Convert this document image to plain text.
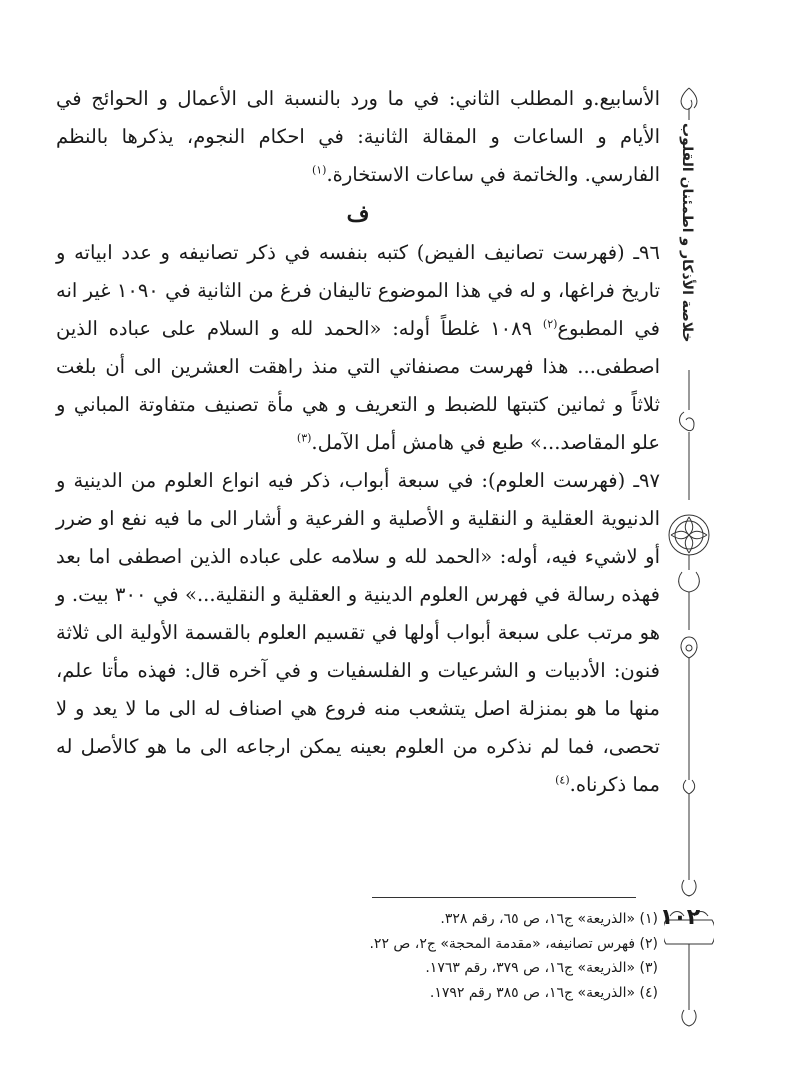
خلاصة الأذكار و اطمئنان القلوب
١٠٢

الأسابيع.و المطلب الثاني: في ما ورد بالنسبة الى الأعمال و الحوائج في الأيام و الساعات و المقالة الثانية: في احكام النجوم، يذكرها بالنظم الفارسي. والخاتمة في ساعات الاستخارة.$^{(١)}$

ف

٩٦ـ (فهرست تصانيف الفيض) كتبه بنفسه في ذكر تصانيفه و عدد ابياته و تاريخ فراغها، و له في هذا الموضوع تاليفان فرغ من الثانية في ١٠٩٠ غير انه في المطبوع$^{(٢)}$ ١٠٨٩ غلطاً أوله: «الحمد لله و السلام على عباده الذين اصطفى... هذا فهرست مصنفاتي التي منذ راهقت العشرين الى أن بلغت ثلاثاً و ثمانين كتبتها للضبط و التعريف و هي مأة تصنيف متفاوتة المباني و علو المقاصد...» طبع في هامش أمل الآمل.$^{(٣)}$

٩٧ـ (فهرست العلوم): في سبعة أبواب، ذكر فيه انواع العلوم من الدينية و الدنيوية العقلية و النقلية و الأصلية و الفرعية و أشار الى ما فيه نفع او ضرر أو لاشيء فيه، أوله: «الحمد لله و سلامه على عباده الذين اصطفى اما بعد فهذه رسالة في فهرس العلوم الدينية و العقلية و النقلية...» في ٣٠٠ بيت. و هو مرتب على سبعة أبواب أولها في تقسيم العلوم بالقسمة الأولية الى ثلاثة فنون: الأدبيات و الشرعيات و الفلسفيات و في آخره قال: فهذه مأتا علم، منها ما هو بمنزلة اصل يتشعب منه فروع هي اصناف له الى ما لا يعد و لا تحصى، فما لم نذكره من العلوم بعينه يمكن ارجاعه الى ما هو كالأصل له مما ذكرناه.$^{(٤)}$

(١) «الذريعة» ج١٦، ص ٦٥، رقم ٣٢٨.
(٢) فهرس تصانيفه، «مقدمة المحجة» ج٢، ص ٢٢.
(٣) «الذريعة» ج١٦، ص ٣٧٩، رقم ١٧٦٣.
(٤) «الذريعة» ج١٦، ص ٣٨٥ رقم ١٧٩٢.
